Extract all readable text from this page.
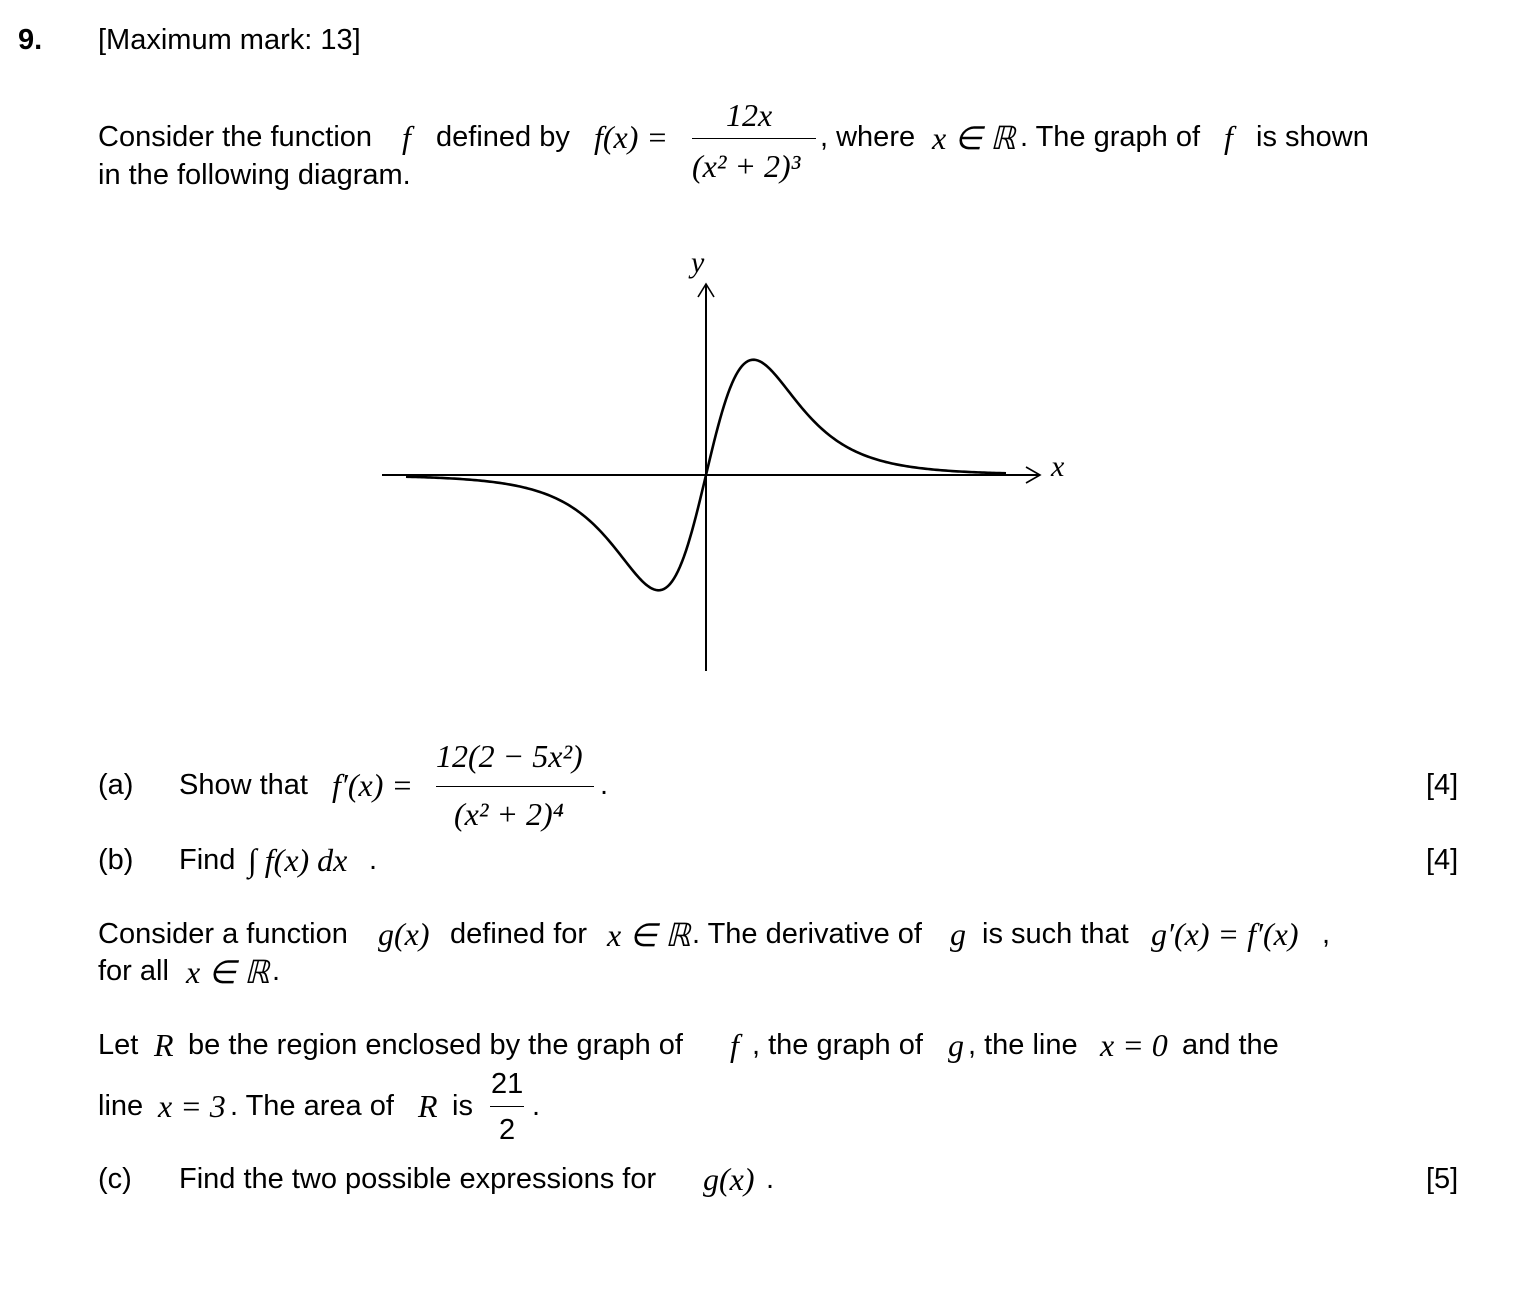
9. [Maximum mark: 13]
Consider the function f defined by f(x) =
12x
(x² + 2)³
, where x ∈ ℝ . The graph of f is shown
in the following diagram.
x
y
(a) Show that f′(x) =
12(2 − 5x²)
(x² + 2)⁴
.	[4]
(b) Find ∫ f(x) dx .	[4]
Consider a function g(x) defined for x ∈ ℝ . The derivative of g is such that g′(x) = f′(x) ,
for all x ∈ ℝ .
Let R be the region enclosed by the graph of f , the graph of g , the line x = 0 and the
line x = 3 . The area of R is
21
2
.
(c) Find the two possible expressions for g(x) .	[5]
